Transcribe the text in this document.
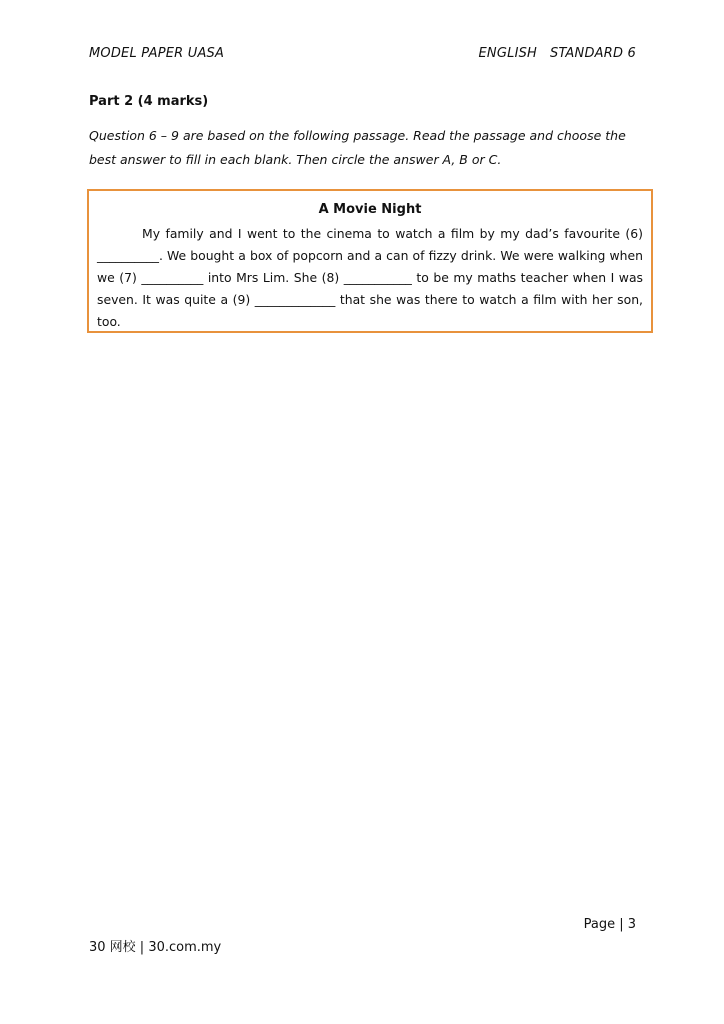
MODEL PAPER UASA	ENGLISH   STANDARD 6
Part 2 (4 marks)
Question 6 – 9 are based on the following passage. Read the passage and choose the best answer to fill in each blank. Then circle the answer A, B or C.
A Movie Night
My family and I went to the cinema to watch a film by my dad’s favourite (6) __________. We bought a box of popcorn and a can of fizzy drink. We were walking when we (7) __________ into Mrs Lim. She (8) ___________ to be my maths teacher when I was seven. It was quite a (9) _____________ that she was there to watch a film with her son, too.
Page | 3
30 网校 | 30.com.my
